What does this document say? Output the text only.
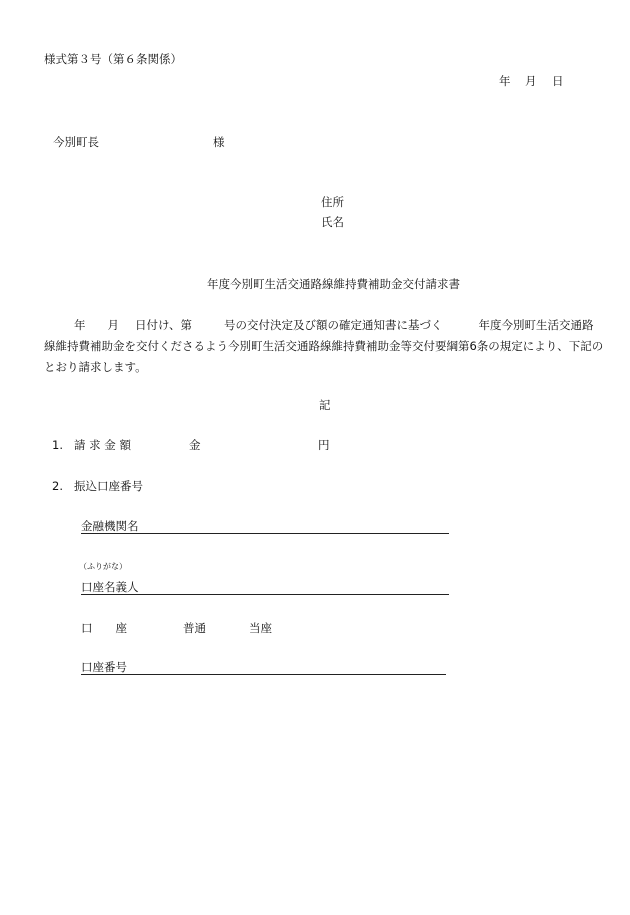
様式第３号（第６条関係）
年 月 日
今別町長	様
住所
氏名
年度今別町生活交通路線維持費補助金交付請求書
年 月 日付け、第	号の交付決定及び額の確定通知書に基づく	年度今別町生活交通路線維持費補助金を交付くださるよう今別町生活交通路線維持費補助金等交付要綱第6条の規定により、下記のとおり請求します。
記
1. 請 求 金 額	金	円
2. 振込口座番号
金融機関名
（ふりがな）
口座名義人
口　　座	普通	当座
口座番号
